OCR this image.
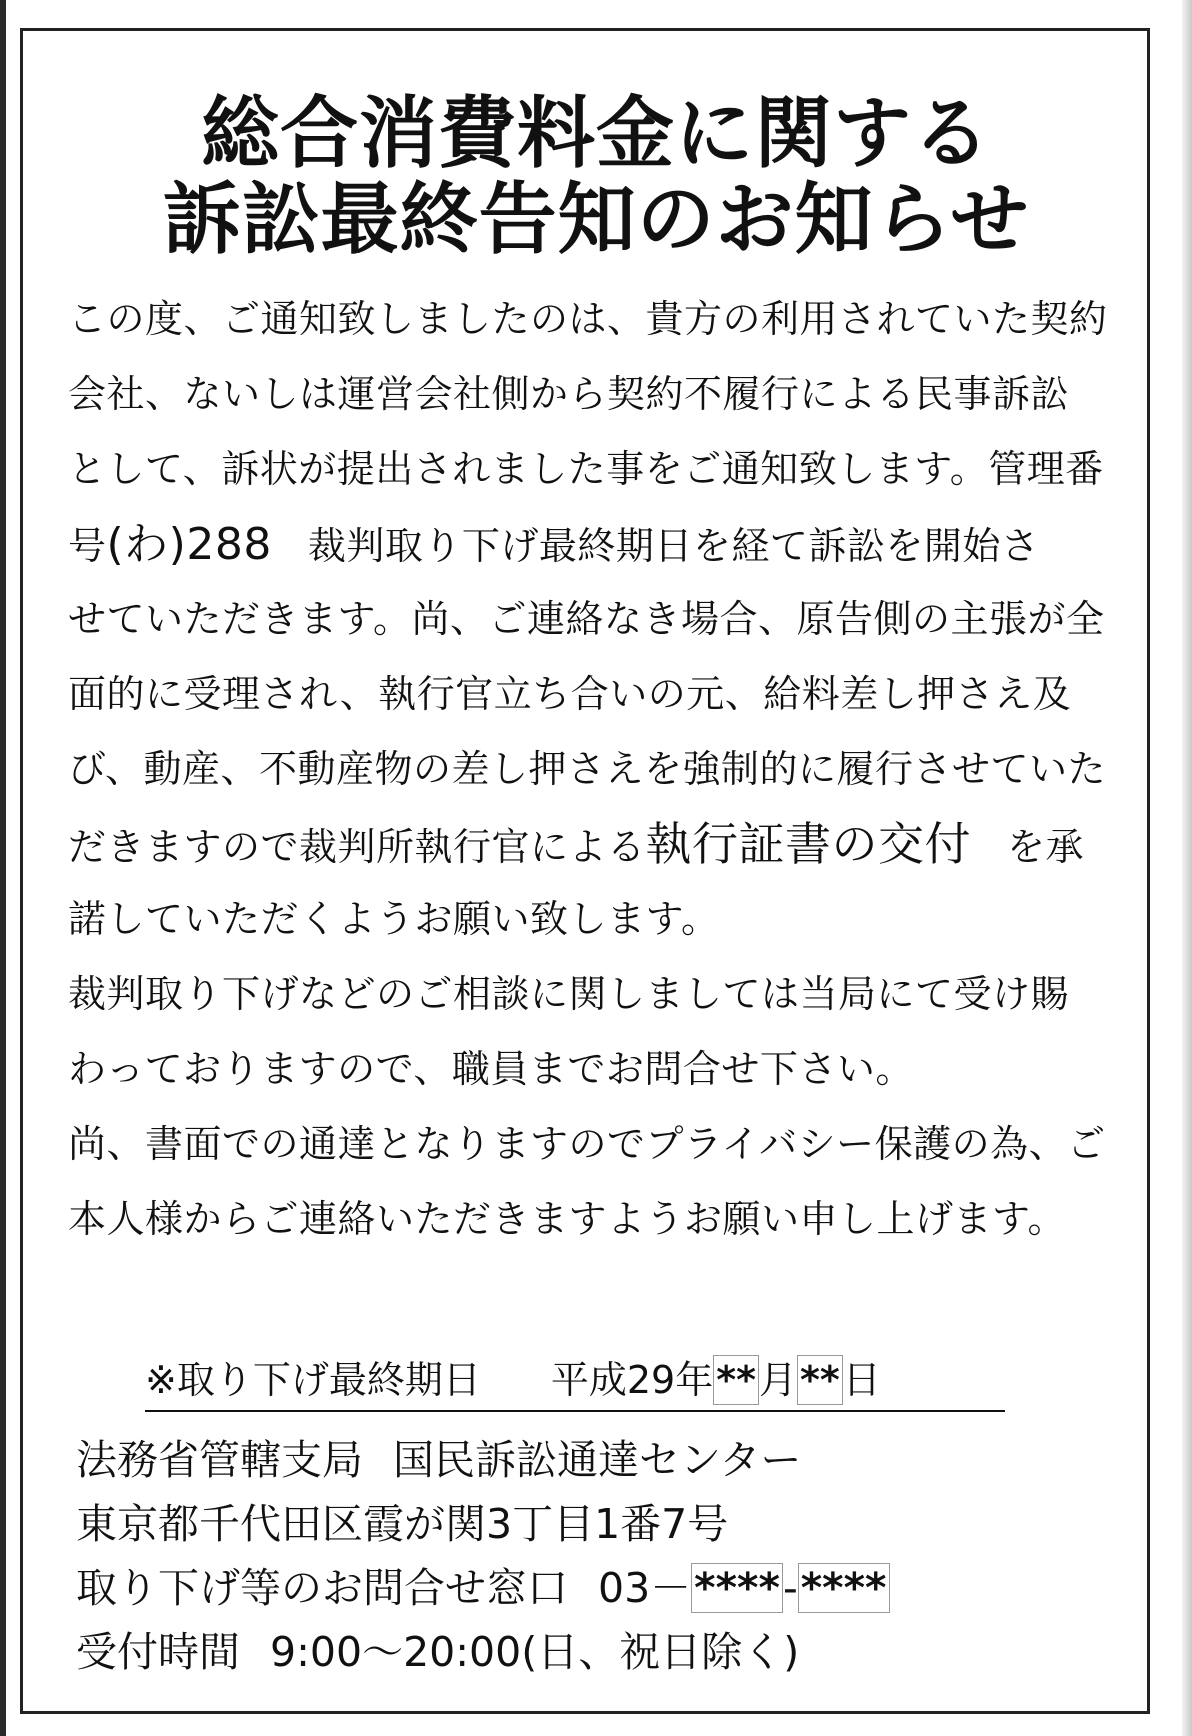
総合消費料金に関する
訴訟最終告知のお知らせ
この度、ご通知致しましたのは、貴方の利用されていた契約
会社、ないしは運営会社側から契約不履行による民事訴訟
として、訴状が提出されました事をご通知致します。管理番
号(わ)288 裁判取り下げ最終期日を経て訴訟を開始さ
せていただきます。尚、ご連絡なき場合、原告側の主張が全
面的に受理され、執行官立ち合いの元、給料差し押さえ及
び、動産、不動産物の差し押さえを強制的に履行させていた
だきますので裁判所執行官による執行証書の交付 を承
諾していただくようお願い致します。
裁判取り下げなどのご相談に関しましては当局にて受け賜
わっておりますので、職員までお問合せ下さい。
尚、書面での通達となりますのでプライバシー保護の為、ご
本人様からご連絡いただきますようお願い申し上げます。
※取り下げ最終期日 平成29年**月**日
法務省管轄支局 国民訴訟通達センター
東京都千代田区霞が関3丁目1番7号
取り下げ等のお問合せ窓口 03－****-****
受付時間 9:00～20:00(日、祝日除く)
